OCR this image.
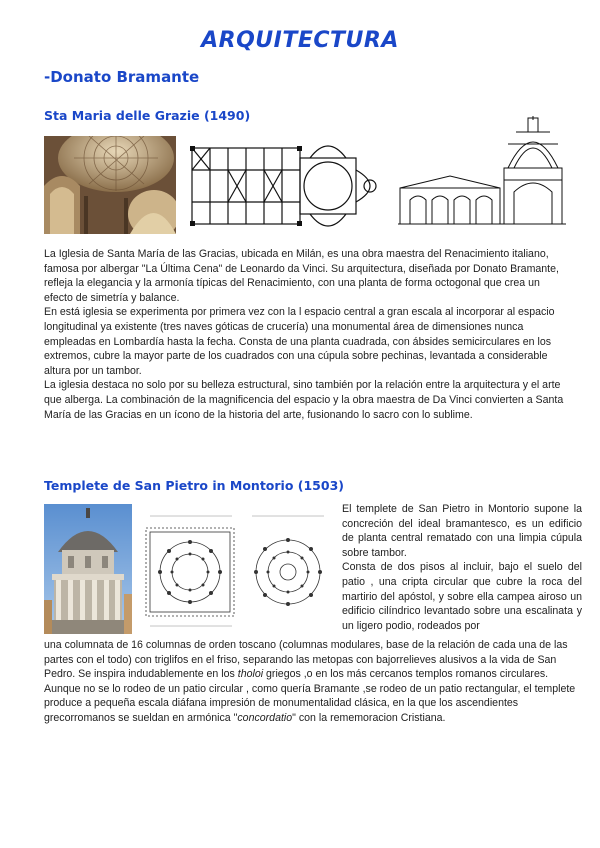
ARQUITECTURA
-Donato Bramante
Sta Maria delle Grazie (1490)

La Iglesia de Santa María de las Gracias, ubicada en Milán, es una obra maestra del Renacimiento italiano, famosa por albergar "La Última Cena" de Leonardo da Vinci. Su arquitectura, diseñada por Donato Bramante, refleja la elegancia y la armonía típicas del Renacimiento, con una planta de forma octogonal que crea un efecto de simetría y balance.

En está iglesia se experimenta por primera vez con la l espacio central a gran escala al incorporar al espacio longitudinal ya existente (tres naves góticas de crucería) una monumental área de dimensiones nunca empleadas en Lombardía hasta la fecha. Consta de una planta cuadrada, con ábsides semicirculares en los extremos, cubre la mayor parte de los cuadrados con una cúpula sobre pechinas, levantada a considerable altura por un tambor.

La iglesia destaca no solo por su belleza estructural, sino también por la relación entre la arquitectura y el arte que alberga. La combinación de la magnificencia del espacio y la obra maestra de Da Vinci convierten a Santa María de las Gracias en un ícono de la historia del arte, fusionando lo sacro con lo sublime.

Templete de San Pietro in Montorio (1503)

El templete de San Pietro in Montorio supone la concreción del ideal bramantesco, es un edificio de planta central rematado con una limpia cúpula sobre tambor.

Consta de dos pisos al incluir, bajo el suelo del patio , una cripta circular que cubre la roca del martirio del apóstol, y sobre ella campea airoso un edificio cilíndrico levantado sobre una escalinata y un ligero podio, rodeados por

una columnata de 16 columnas de orden toscano (columnas modulares, base de la relación de cada una de las partes con el todo) con triglifos en el friso, separando las metopas con bajorrelieves alusivos a la vida de San Pedro. Se inspira indudablemente en los tholoi griegos ,o en los más cercanos templos romanos circulares. Aunque no se lo rodeo de un patio circular , como quería Bramante ,se rodeo de un patio rectangular, el templete produce a pequeña escala diáfana impresión de monumentalidad clásica, en la que los ascendientes grecorromanos se sueldan en armónica "concordatio" con la rememoracion Cristiana.
